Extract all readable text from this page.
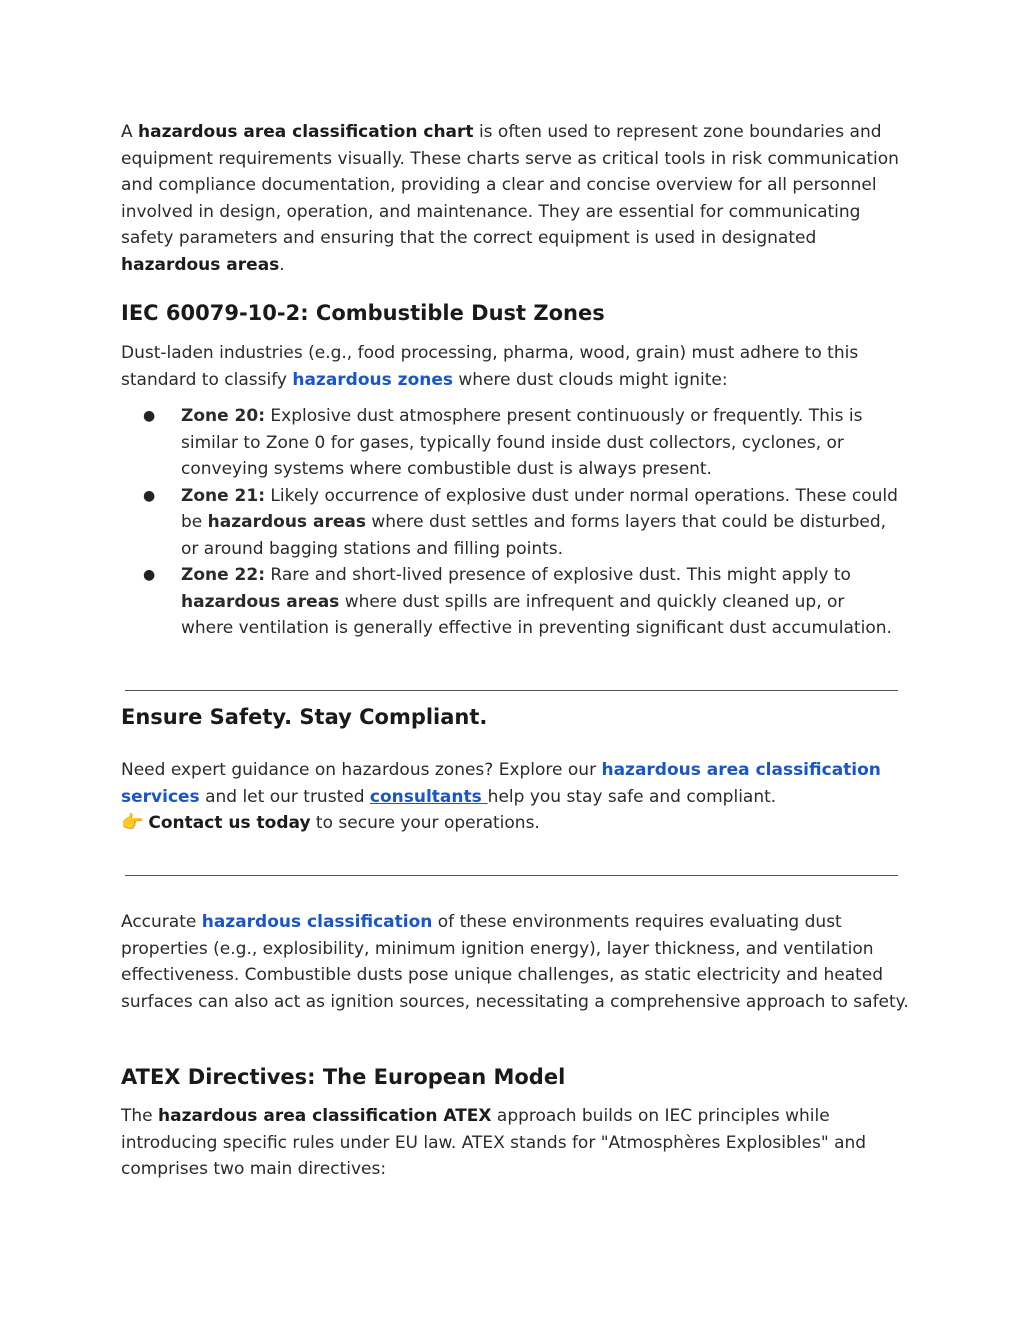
A hazardous area classification chart is often used to represent zone boundaries and equipment requirements visually. These charts serve as critical tools in risk communication and compliance documentation, providing a clear and concise overview for all personnel involved in design, operation, and maintenance. They are essential for communicating safety parameters and ensuring that the correct equipment is used in designated hazardous areas.

IEC 60079-10-2: Combustible Dust Zones

Dust-laden industries (e.g., food processing, pharma, wood, grain) must adhere to this standard to classify hazardous zones where dust clouds might ignite:

● Zone 20: Explosive dust atmosphere present continuously or frequently. This is similar to Zone 0 for gases, typically found inside dust collectors, cyclones, or conveying systems where combustible dust is always present.
● Zone 21: Likely occurrence of explosive dust under normal operations. These could be hazardous areas where dust settles and forms layers that could be disturbed, or around bagging stations and filling points.
● Zone 22: Rare and short-lived presence of explosive dust. This might apply to hazardous areas where dust spills are infrequent and quickly cleaned up, or where ventilation is generally effective in preventing significant dust accumulation.
Ensure Safety. Stay Compliant.

Need expert guidance on hazardous zones? Explore our hazardous area classification services and let our trusted consultants help you stay safe and compliant.
👉 Contact us today to secure your operations.

Accurate hazardous classification of these environments requires evaluating dust properties (e.g., explosibility, minimum ignition energy), layer thickness, and ventilation effectiveness. Combustible dusts pose unique challenges, as static electricity and heated surfaces can also act as ignition sources, necessitating a comprehensive approach to safety.

ATEX Directives: The European Model

The hazardous area classification ATEX approach builds on IEC principles while introducing specific rules under EU law. ATEX stands for "Atmosphères Explosibles" and comprises two main directives:
